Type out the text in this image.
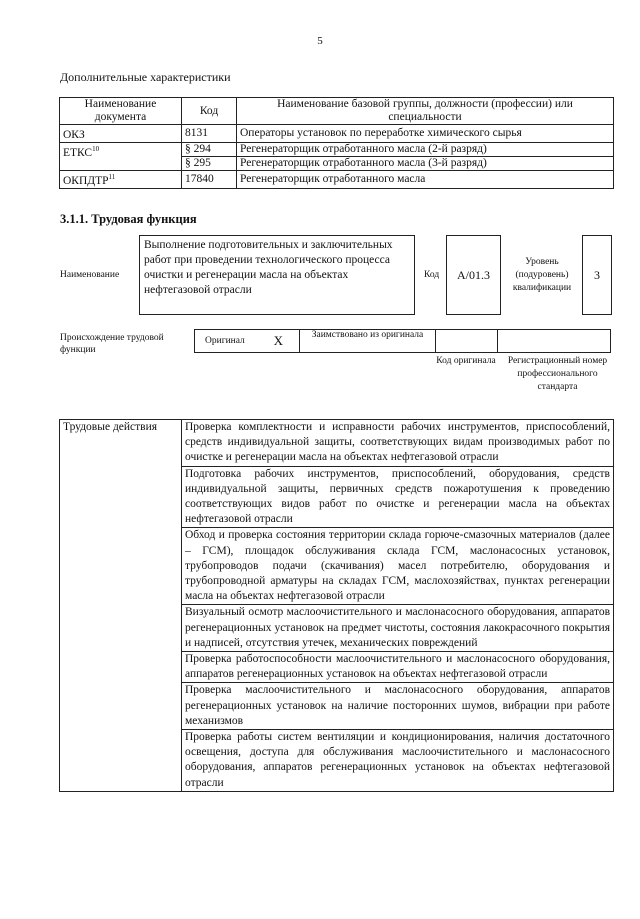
5
Дополнительные характеристики
Наименование документа	Код	Наименование базовой группы, должности (профессии) или специальности
ОКЗ	8131	Операторы установок по переработке химического сырья
ЕТКС$^{10}$	§ 294	Регенераторщик отработанного масла (2-й разряд)
	§ 295	Регенераторщик отработанного масла (3-й разряд)
ОКПДТР$^{11}$	17840	Регенераторщик отработанного масла
3.1.1. Трудовая функция
Наименование
Выполнение подготовительных и заключительных работ при проведении технологического процесса очистки и регенерации масла на объектах нефтегазовой отрасли
Код	А/01.3
Уровень (подуровень) квалификации
3
Происхождение трудовой функции
Оригинал X	Заимствовано из оригинала
Код оригинала Регистрационный номер профессионального стандарта
Трудовые действия	Проверка комплектности и исправности рабочих инструментов, приспособлений, средств индивидуальной защиты, соответствующих видам производимых работ по очистке и регенерации масла на объектах нефтегазовой отрасли
Подготовка рабочих инструментов, приспособлений, оборудования, средств индивидуальной защиты, первичных средств пожаротушения к проведению соответствующих видов работ по очистке и регенерации масла на объектах нефтегазовой отрасли
Обход и проверка состояния территории склада горюче-смазочных материалов (далее – ГСМ), площадок обслуживания склада ГСМ, маслонасосных установок, трубопроводов подачи (скачивания) масел потребителю, оборудования и трубопроводной арматуры на складах ГСМ, маслохозяйствах, пунктах регенерации масла на объектах нефтегазовой отрасли
Визуальный осмотр маслоочистительного и маслонасосного оборудования, аппаратов регенерационных установок на предмет чистоты, состояния лакокрасочного покрытия и надписей, отсутствия утечек, механических повреждений
Проверка работоспособности маслоочистительного и маслонасосного оборудования, аппаратов регенерационных установок на объектах нефтегазовой отрасли
Проверка маслоочистительного и маслонасосного оборудования, аппаратов регенерационных установок на наличие посторонних шумов, вибрации при работе механизмов
Проверка работы систем вентиляции и кондиционирования, наличия достаточного освещения, доступа для обслуживания маслоочистительного и маслонасосного оборудования, аппаратов регенерационных установок на объектах нефтегазовой отрасли
